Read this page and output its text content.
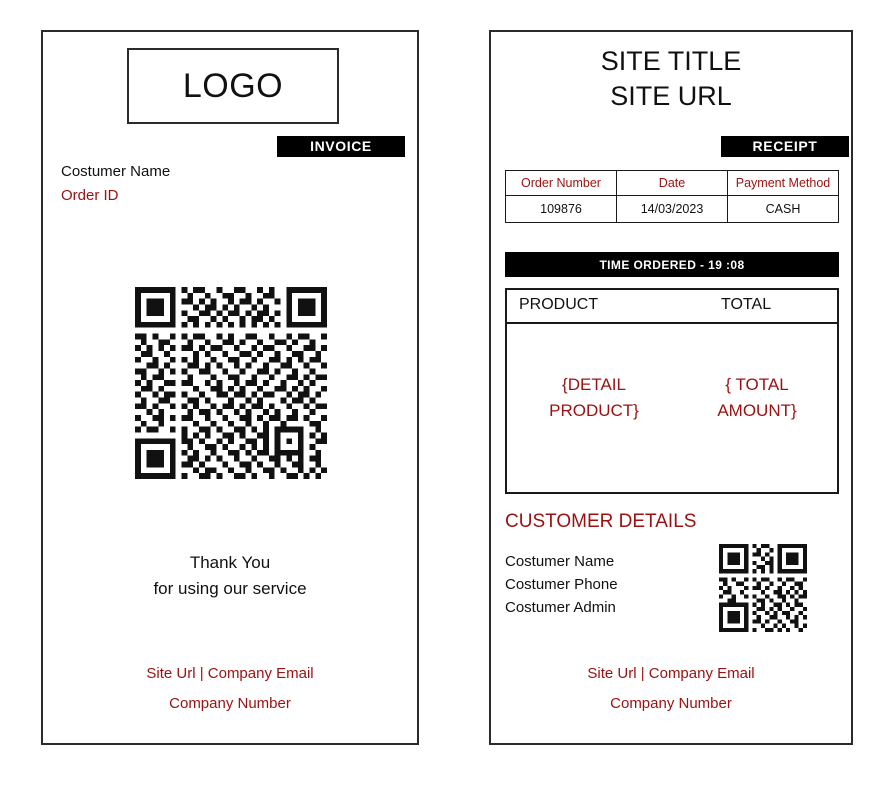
LOGO
INVOICE
Costumer Name
Order ID
Thank You
for using our service
Site Url | Company Email
Company Number
SITE TITLE
SITE URL
RECEIPT
Order Number	Date	Payment Method
109876	14/03/2023	CASH
TIME ORDERED - 19 :08
PRODUCT	TOTAL
{DETAIL
PRODUCT}
{ TOTAL
AMOUNT}
CUSTOMER DETAILS
Costumer Name
Costumer Phone
Costumer Admin
Site Url | Company Email
Company Number
